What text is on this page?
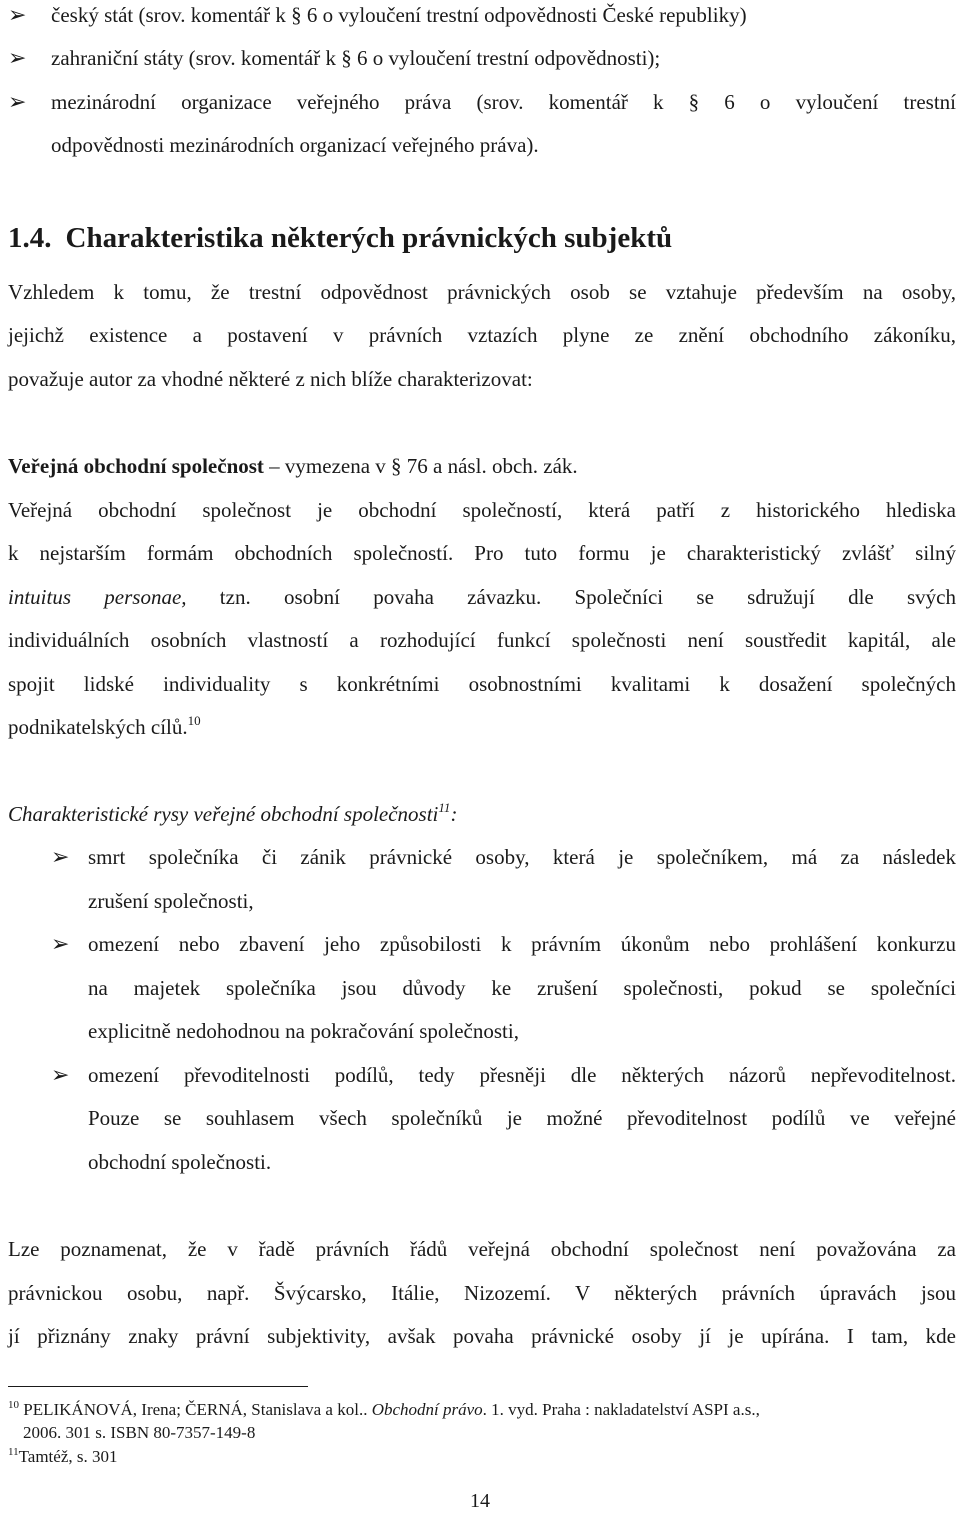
➢ český stát (srov. komentář k § 6 o vyloučení trestní odpovědnosti České republiky)
➢ zahraniční státy (srov. komentář k § 6 o vyloučení trestní odpovědnosti);
➢ mezinárodní organizace veřejného práva (srov. komentář k § 6 o vyloučení trestní
odpovědnosti mezinárodních organizací veřejného práva).
1.4. Charakteristika některých právnických subjektů
Vzhledem k tomu, že trestní odpovědnost právnických osob se vztahuje především na osoby,
jejichž existence a postavení v právních vztazích plyne ze znění obchodního zákoníku,
považuje autor za vhodné některé z nich blíže charakterizovat:
Veřejná obchodní společnost – vymezena v § 76 a násl. obch. zák.
Veřejná obchodní společnost je obchodní společností, která patří z historického hlediska
k nejstarším formám obchodních společností. Pro tuto formu je charakteristický zvlášť silný
intuitus personae, tzn. osobní povaha závazku. Společníci se sdružují dle svých
individuálních osobních vlastností a rozhodující funkcí společnosti není soustředit kapitál, ale
spojit lidské individuality s konkrétními osobnostními kvalitami k dosažení společných
podnikatelských cílů.$^{10}$
Charakteristické rysy veřejné obchodní společnosti$^{11}$:
➢ smrt společníka či zánik právnické osoby, která je společníkem, má za následek
zrušení společnosti,
➢ omezení nebo zbavení jeho způsobilosti k právním úkonům nebo prohlášení konkurzu
na majetek společníka jsou důvody ke zrušení společnosti, pokud se společníci
explicitně nedohodnou na pokračování společnosti,
➢ omezení převoditelnosti podílů, tedy přesněji dle některých názorů nepřevoditelnost.
Pouze se souhlasem všech společníků je možné převoditelnost podílů ve veřejné
obchodní společnosti.
Lze poznamenat, že v řadě právních řádů veřejná obchodní společnost není považována za
právnickou osobu, např. Švýcarsko, Itálie, Nizozemí. V některých právních úpravách jsou
jí přiznány znaky právní subjektivity, avšak povaha právnické osoby jí je upírána. I tam, kde
$^{10}$ PELIKÁNOVÁ, Irena; ČERNÁ, Stanislava a kol.. Obchodní právo. 1. vyd. Praha : nakladatelství ASPI a.s.,
2006. 301 s. ISBN 80-7357-149-8
$^{11}$Tamtéž, s. 301
14
